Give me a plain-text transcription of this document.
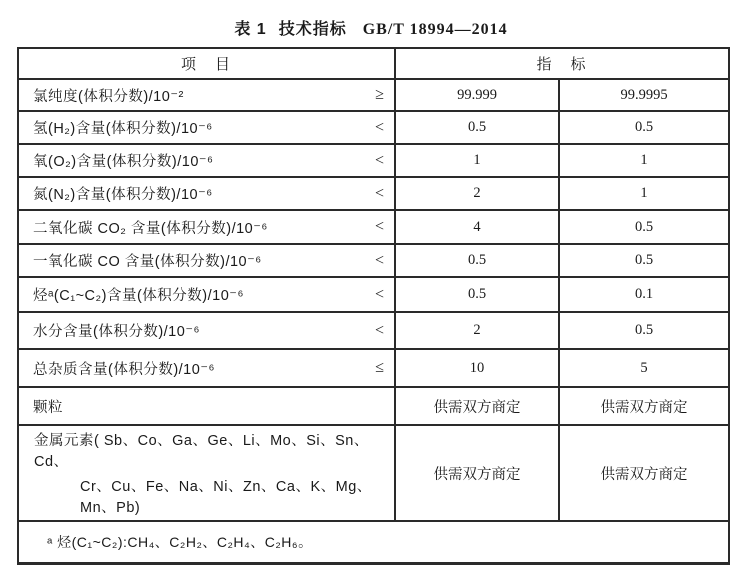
表 1 技术指标 GB/T 18994—2014
项　目	指　标	

氯纯度(体积分数)/10⁻² ≥	99.999	99.9995

氢(H₂)含量(体积分数)/10⁻⁶ <	0.5	0.5

氧(O₂)含量(体积分数)/10⁻⁶ <	1	1

氮(N₂)含量(体积分数)/10⁻⁶ <	2	1

二氧化碳 CO₂ 含量(体积分数)/10⁻⁶ <	4	0.5

一氧化碳 CO 含量(体积分数)/10⁻⁶ <	0.5	0.5

烃ᵃ(C₁~C₂)含量(体积分数)/10⁻⁶ <	0.5	0.1

水分含量(体积分数)/10⁻⁶ <	2	0.5

总杂质含量(体积分数)/10⁻⁶ ≤	10	5

颗粒	供需双方商定	供需双方商定

金属元素( Sb、Co、Ga、Ge、Li、Mo、Si、Sn、Cd、
Cr、Cu、Fe、Na、Ni、Zn、Ca、K、Mg、Mn、Pb)	供需双方商定	供需双方商定
ᵃ 烃(C₁~C₂):CH₄、C₂H₂、C₂H₄、C₂H₆。		
